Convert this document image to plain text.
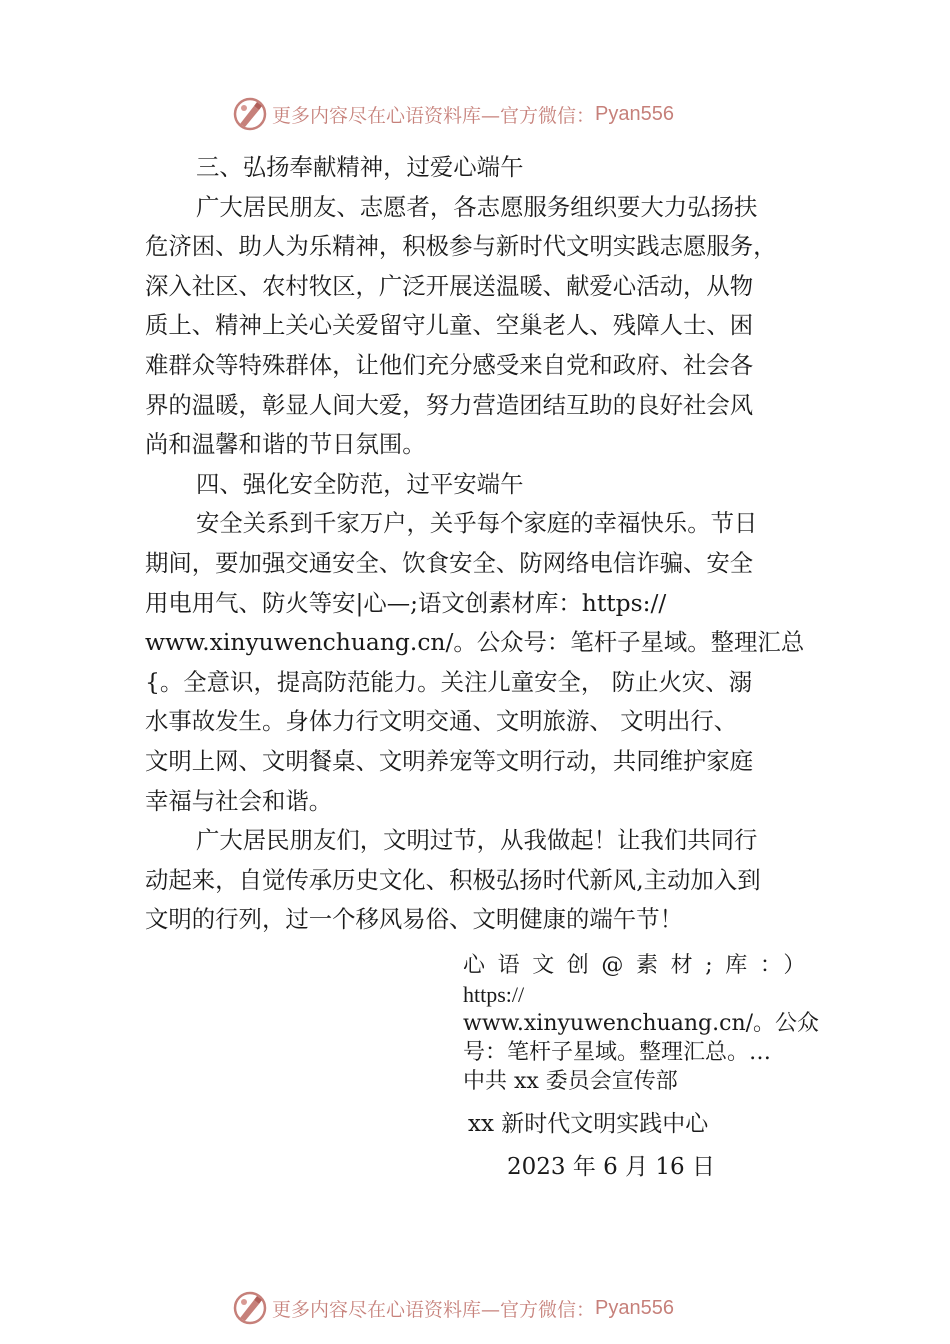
更多内容尽在心语资料库—官方微信： Pyan556
三、弘扬奉献精神，过爱心端午
广大居民朋友、志愿者，各志愿服务组织要大力弘扬扶
危济困、助人为乐精神，积极参与新时代文明实践志愿服务，
深入社区、农村牧区，广泛开展送温暖、献爱心活动，从物
质上、精神上关心关爱留守儿童、空巢老人、残障人士、困
难群众等特殊群体，让他们充分感受来自党和政府、社会各
界的温暖，彰显人间大爱，努力营造团结互助的良好社会风
尚和温馨和谐的节日氛围。
四、强化安全防范，过平安端午
安全关系到千家万户，关乎每个家庭的幸福快乐。节日
期间，要加强交通安全、饮食安全、防网络电信诈骗、安全
用电用气、防火等安|心—;语文创素材库：https://
www.xinyuwenchuang.cn/。公众号：笔杆子星域。整理汇总
{。全意识，提高防范能力。关注儿童安全， 防止火灾、溺
水事故发生。身体力行文明交通、文明旅游、 文明出行、
文明上网、文明餐桌、文明养宠等文明行动，共同维护家庭
幸福与社会和谐。
广大居民朋友们，文明过节，从我做起！让我们共同行
动起来，自觉传承历史文化、积极弘扬时代新风,主动加入到
文明的行列，过一个移风易俗、文明健康的端午节！
心语文创@素材;库：）
https://
www.xinyuwenchuang.cn/。公众
号：笔杆子星域。整理汇总。…
中共 xx 委员会宣传部
xx 新时代文明实践中心
2023 年 6 月 16 日
更多内容尽在心语资料库—官方微信： Pyan556
